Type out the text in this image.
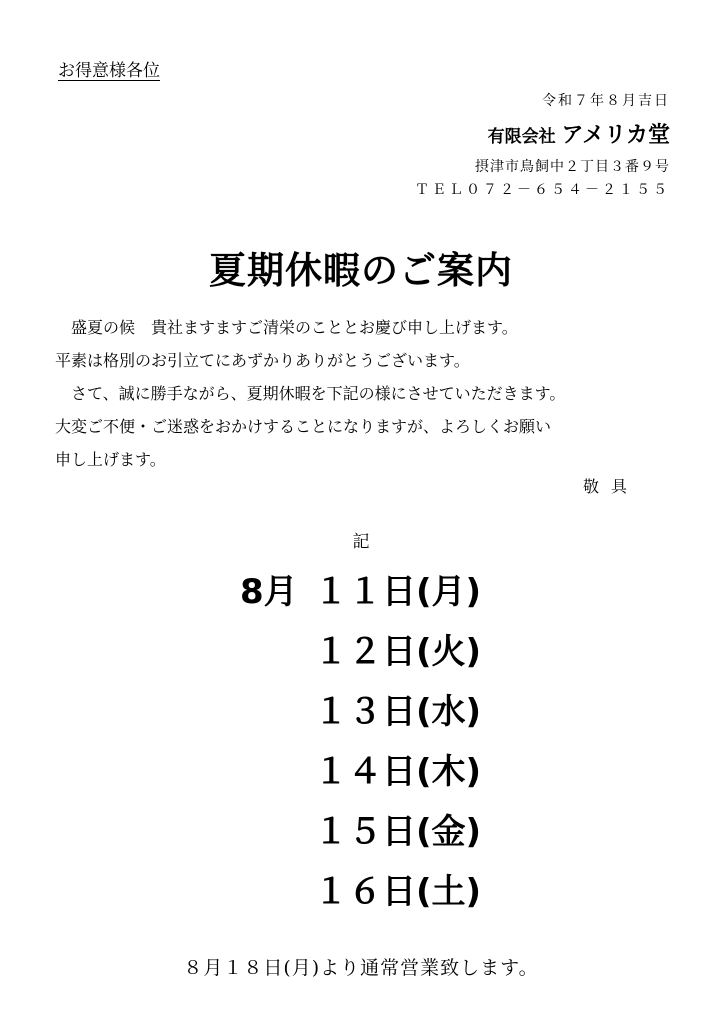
お得意様各位
令和７年８月吉日
有限会社 アメリカ堂
摂津市鳥飼中２丁目３番９号
ＴＥＬ０７２－６５４－２１５５
夏期休暇のご案内
　盛夏の候　貴社ますますご清栄のこととお慶び申し上げます。
平素は格別のお引立てにあずかりありがとうございます。
　さて、誠に勝手ながら、夏期休暇を下記の様にさせていただきます。
大変ご不便・ご迷惑をおかけすることになりますが、よろしくお願い
申し上げます。
敬具
記
8月 １１日(月)
１２日(火)
１３日(水)
１４日(木)
１５日(金)
１６日(土)
８月１８日(月)より通常営業致します。
